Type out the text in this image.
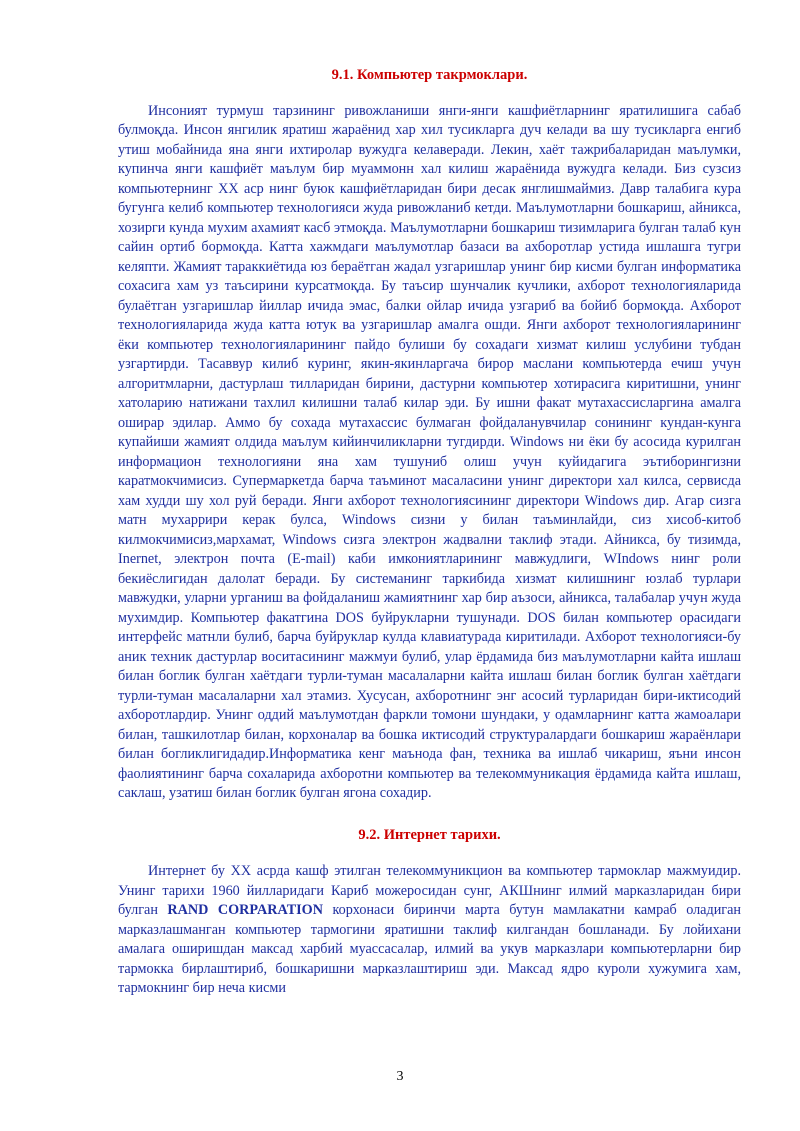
9.1. Компьютер такрмоклари.

Инсоният турмуш тарзининг ривожланиши янги-янги кашфиётларнинг яратилишига сабаб булмоқда. Инсон янгилик яратиш жараёнид хар хил тусикларга дуч келади ва шу тусикларга енгиб утиш мобайнида яна янги ихтиролар вужудга келаверади. Лекин, хаёт тажрибаларидан маълумки, купинча янги кашфиёт маълум бир муаммонн хал килиш жараёнида вужудга келади. Биз сузсиз компьютернинг XX аср нинг буюк кашфиётларидан бири десак янглишмаймиз. Давр талабига кура бугунга келиб компьютер технологияси жуда ривожланиб кетди. Маълумотларни бошкариш, айникса, хозирги кунда мухим ахамият касб этмоқда. Маълумотларни бошкариш тизимларига булган талаб кун сайин ортиб бормоқда. Катта хажмдаги маълумотлар базаси ва ахборотлар устида ишлашга тугри келяпти. Жамият тараккиётида юз бераётган жадал узгаришлар унинг бир кисми булган информатика сохасига хам уз таъсирини курсатмоқда. Бу таъсир шунчалик кучлики, ахборот технологияларида булаётган узгаришлар йиллар ичида эмас, балки ойлар ичида узгариб ва бойиб бормоқда. Ахборот технологияларида жуда катта ютук ва узгаришлар амалга ошди. Янги ахборот технологияларининг ёки компьютер технологияларининг пайдо булиши бу сохадаги хизмат килиш услубини тубдан узгартирди. Тасаввур килиб куринг, якин-якинларгача бирор маслани компьютерда ечиш учун алгоритмларни, дастурлаш тилларидан бирини, дастурни компьютер хотирасига киритишни, унинг хатоларию натижани тахлил килишни талаб килар эди. Бу ишни факат мутахассисларгина амалга оширар эдилар. Аммо бу сохада мутахассис булмаган фойдаланувчилар сонининг кундан-кунга купайиши жамият олдида маълум кийинчиликларни тугдирди. Windows ни ёки бу асосида курилган информацион технологияни яна хам тушуниб олиш учун куйидагига эътиборингизни каратмокчимисиз. Супермаркетда барча таъминот масаласини унинг директори хал килса, сервисда хам худди шу хол руй беради. Янги ахборот технологиясининг директори Windows дир. Агар сизга матн мухаррири керак булса, Windows сизни у билан таъминлайди, сиз хисоб-китоб килмокчимисиз,мархамат, Windows сизга электрон жадвални таклиф этади. Айникса, бу тизимда, Inernet, электрон почта (E-mail) каби имкониятларининг мавжудлиги, WIndows нинг роли бекиёслигидан далолат беради. Бу системанинг таркибида хизмат килишнинг юзлаб турлари мавжудки, уларни урганиш ва фойдаланиш жамиятнинг хар бир аъзоси, айникса, талабалар учун жуда мухимдир. Компьютер факатгина DOS буйрукларни тушунади. DOS билан компьютер орасидаги интерфейс матнли булиб, барча буйруклар кулда клавиатурада киритилади. Ахборот технологияси-бу аник техник дастурлар воситасининг мажмуи булиб, улар ёрдамида биз маълумотларни кайта ишлаш билан боглик булган хаётдаги турли-туман масалаларни кайта ишлаш билан боглик булган хаётдаги турли-туман масалаларни хал этамиз. Хусусан, ахборотнинг энг асосий турларидан бири-иктисодий ахборотлардир. Унинг оддий маълумотдан фаркли томони шундаки, у одамларнинг катта жамоалари билан, ташкилотлар билан, корхоналар ва бошка иктисодий структуралардаги бошкариш жараёнлари билан богликлигидадир.Информатика кенг маънода фан, техника ва ишлаб чикариш, яъни инсон фаолиятининг барча сохаларида ахборотни компьютер ва телекоммуникация ёрдамида кайта ишлаш, саклаш, узатиш билан боглик булган ягона сохадир.

9.2. Интернет тарихи.

Интернет бу XX асрда кашф этилган телекоммуникцион ва компьютер тармоклар мажмуидир. Унинг тарихи 1960 йилларидаги Кариб можеросидан сунг, АКШнинг илмий марказларидан бири булган RAND CORPARATION корхонаси биринчи марта бутун мамлакатни камраб оладиган марказлашманган компьютер тармогини яратишни таклиф килгандан бошланади. Бу лойихани амалага оширишдан максад харбий муассасалар, илмий ва укув марказлари компьютерларни бир тармокка бирлаштириб, бошкаришни марказлаштириш эди. Максад ядро куроли хужумига хам, тармокнинг бир неча кисми

3
